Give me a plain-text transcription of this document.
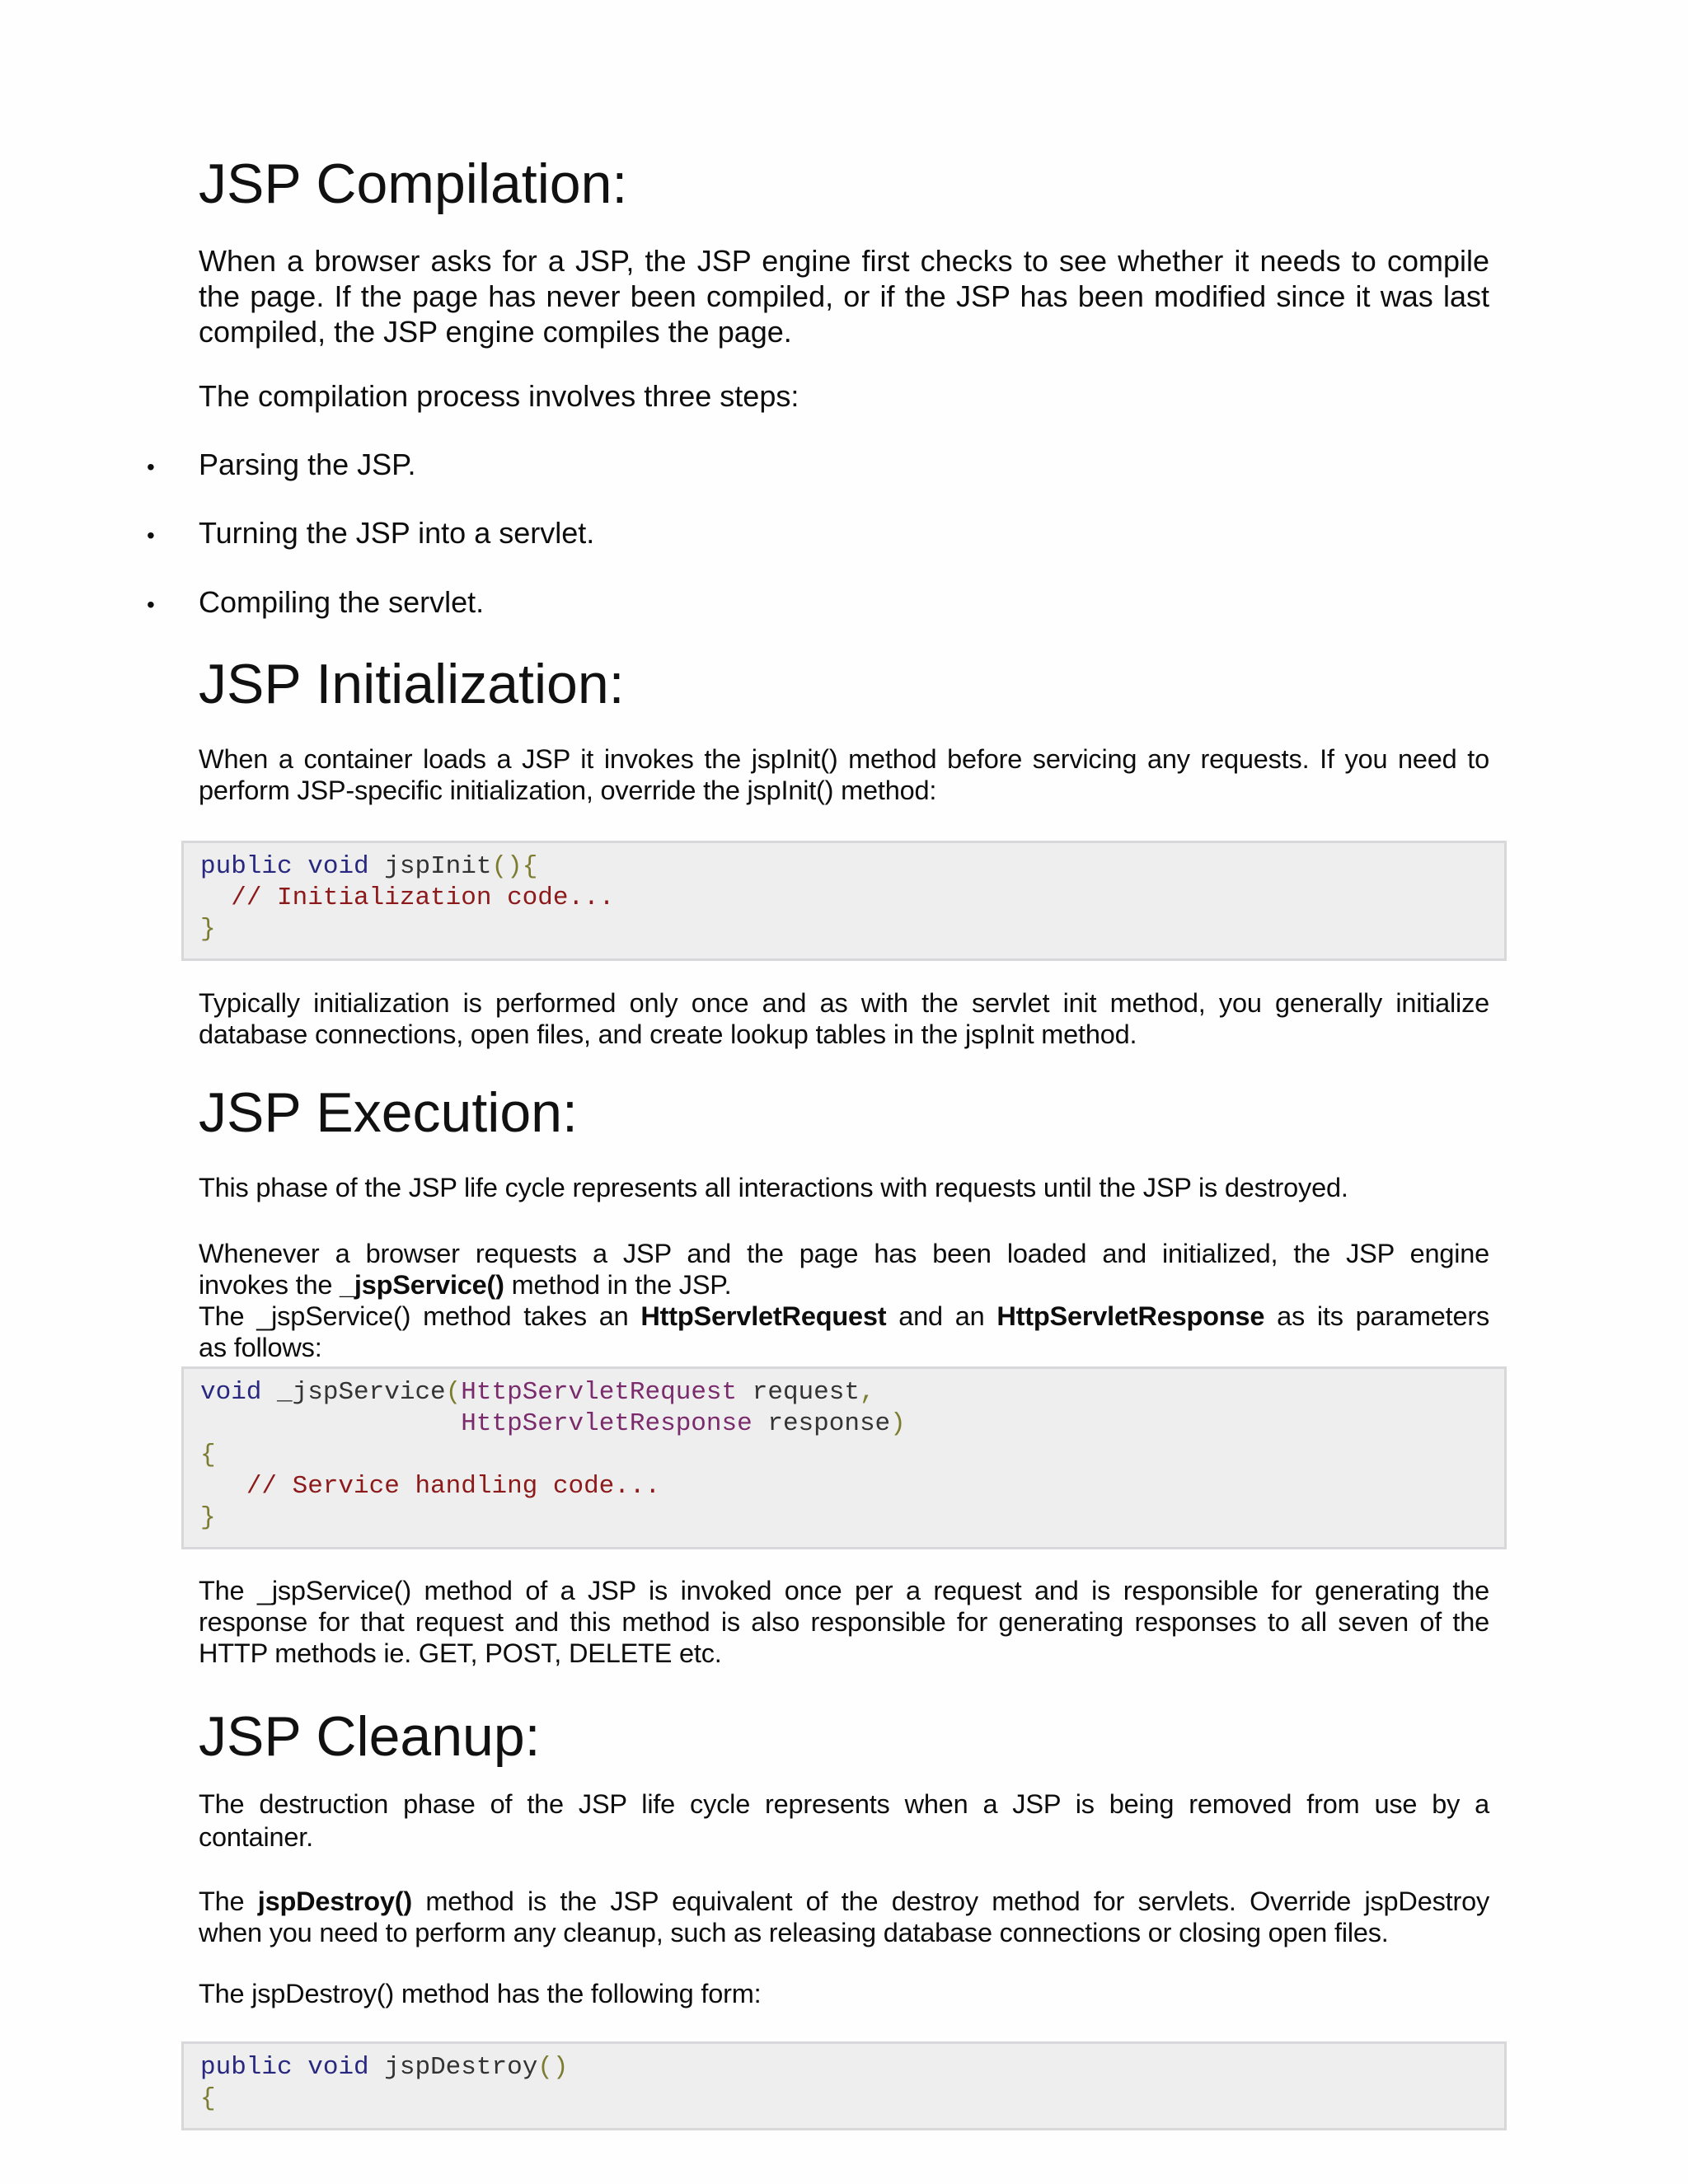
JSP Compilation:
When a browser asks for a JSP, the JSP engine first checks to see whether it needs to compile
the page. If the page has never been compiled, or if the JSP has been modified since it was last
compiled, the JSP engine compiles the page.

The compilation process involves three steps:

• Parsing the JSP.
• Turning the JSP into a servlet.
• Compiling the servlet.
JSP Initialization:
When a container loads a JSP it invokes the jspInit() method before servicing any requests. If you need to
perform JSP-specific initialization, override the jspInit() method:
public void jspInit(){
// Initialization code...
}
Typically initialization is performed only once and as with the servlet init method, you generally initialize
database connections, open files, and create lookup tables in the jspInit method.
JSP Execution:

This phase of the JSP life cycle represents all interactions with requests until the JSP is destroyed.

Whenever a browser requests a JSP and the page has been loaded and initialized, the JSP engine
invokes the _jspService() method in the JSP.
The _jspService() method takes an HttpServletRequest and an HttpServletResponse as its parameters
as follows:
void _jspService(HttpServletRequest request,
HttpServletResponse response)
{
// Service handling code...
}
The _jspService() method of a JSP is invoked once per a request and is responsible for generating the
response for that request and this method is also responsible for generating responses to all seven of the
HTTP methods ie. GET, POST, DELETE etc.
JSP Cleanup:
The destruction phase of the JSP life cycle represents when a JSP is being removed from use by a
container.
The jspDestroy() method is the JSP equivalent of the destroy method for servlets. Override jspDestroy
when you need to perform any cleanup, such as releasing database connections or closing open files.

The jspDestroy() method has the following form:

public void jspDestroy()
{
